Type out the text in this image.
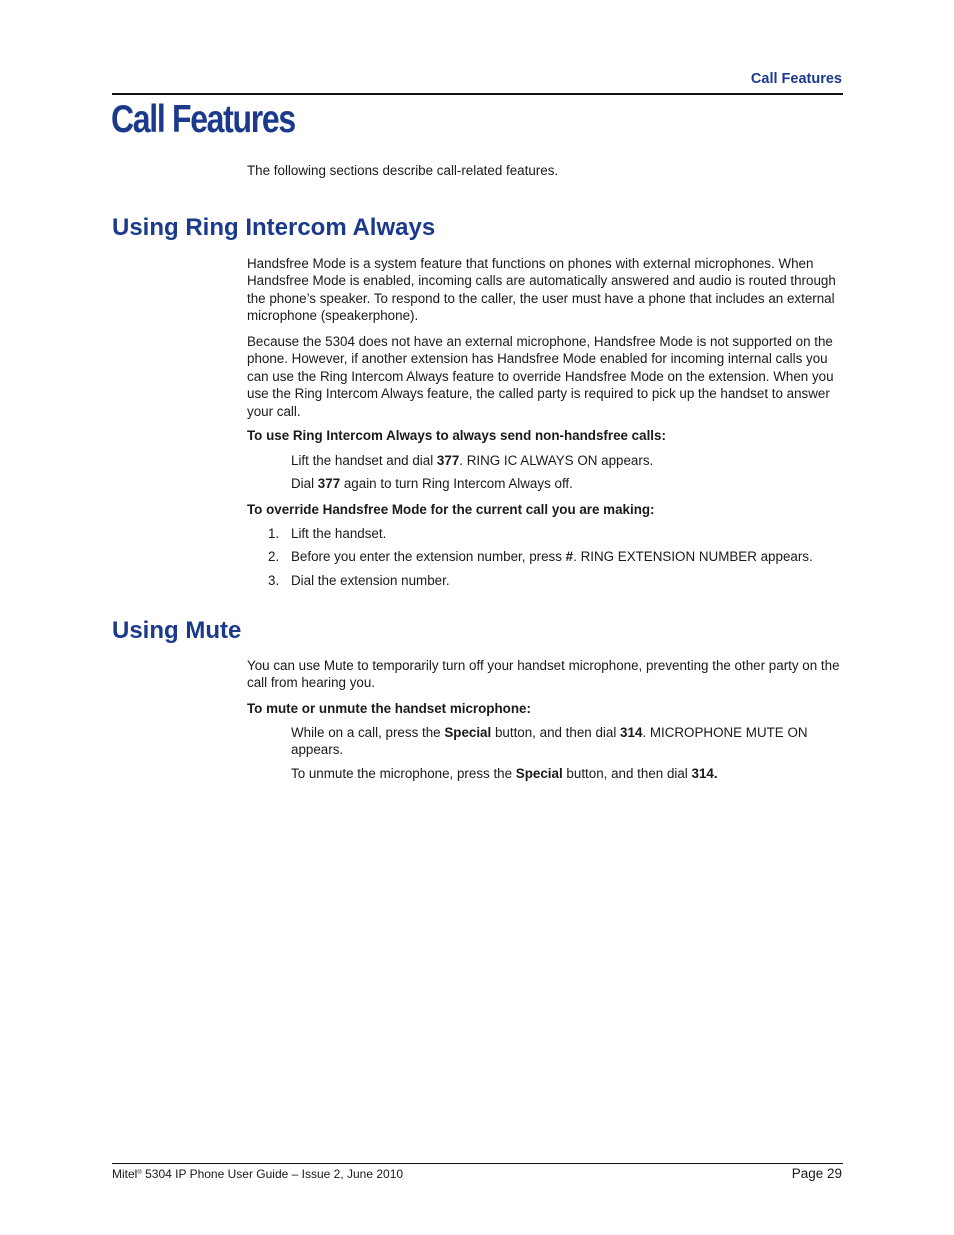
Call Features
Call Features

The following sections describe call-related features.

Using Ring Intercom Always

Handsfree Mode is a system feature that functions on phones with external microphones. When Handsfree Mode is enabled, incoming calls are automatically answered and audio is routed through the phone’s speaker. To respond to the caller, the user must have a phone that includes an external microphone (speakerphone).

Because the 5304 does not have an external microphone, Handsfree Mode is not supported on the phone. However, if another extension has Handsfree Mode enabled for incoming internal calls you can use the Ring Intercom Always feature to override Handsfree Mode on the extension. When you use the Ring Intercom Always feature, the called party is required to pick up the handset to answer your call.

To use Ring Intercom Always to always send non-handsfree calls:

Lift the handset and dial 377. RING IC ALWAYS ON appears.

Dial 377 again to turn Ring Intercom Always off.

To override Handsfree Mode for the current call you are making:

1. Lift the handset.
2. Before you enter the extension number, press #. RING EXTENSION NUMBER appears.
3. Dial the extension number.
Using Mute

You can use Mute to temporarily turn off your handset microphone, preventing the other party on the call from hearing you.

To mute or unmute the handset microphone:

While on a call, press the Special button, and then dial 314. MICROPHONE MUTE ON appears.

To unmute the microphone, press the Special button, and then dial 314.

Mitel® 5304 IP Phone User Guide – Issue 2, June 2010	Page 29
